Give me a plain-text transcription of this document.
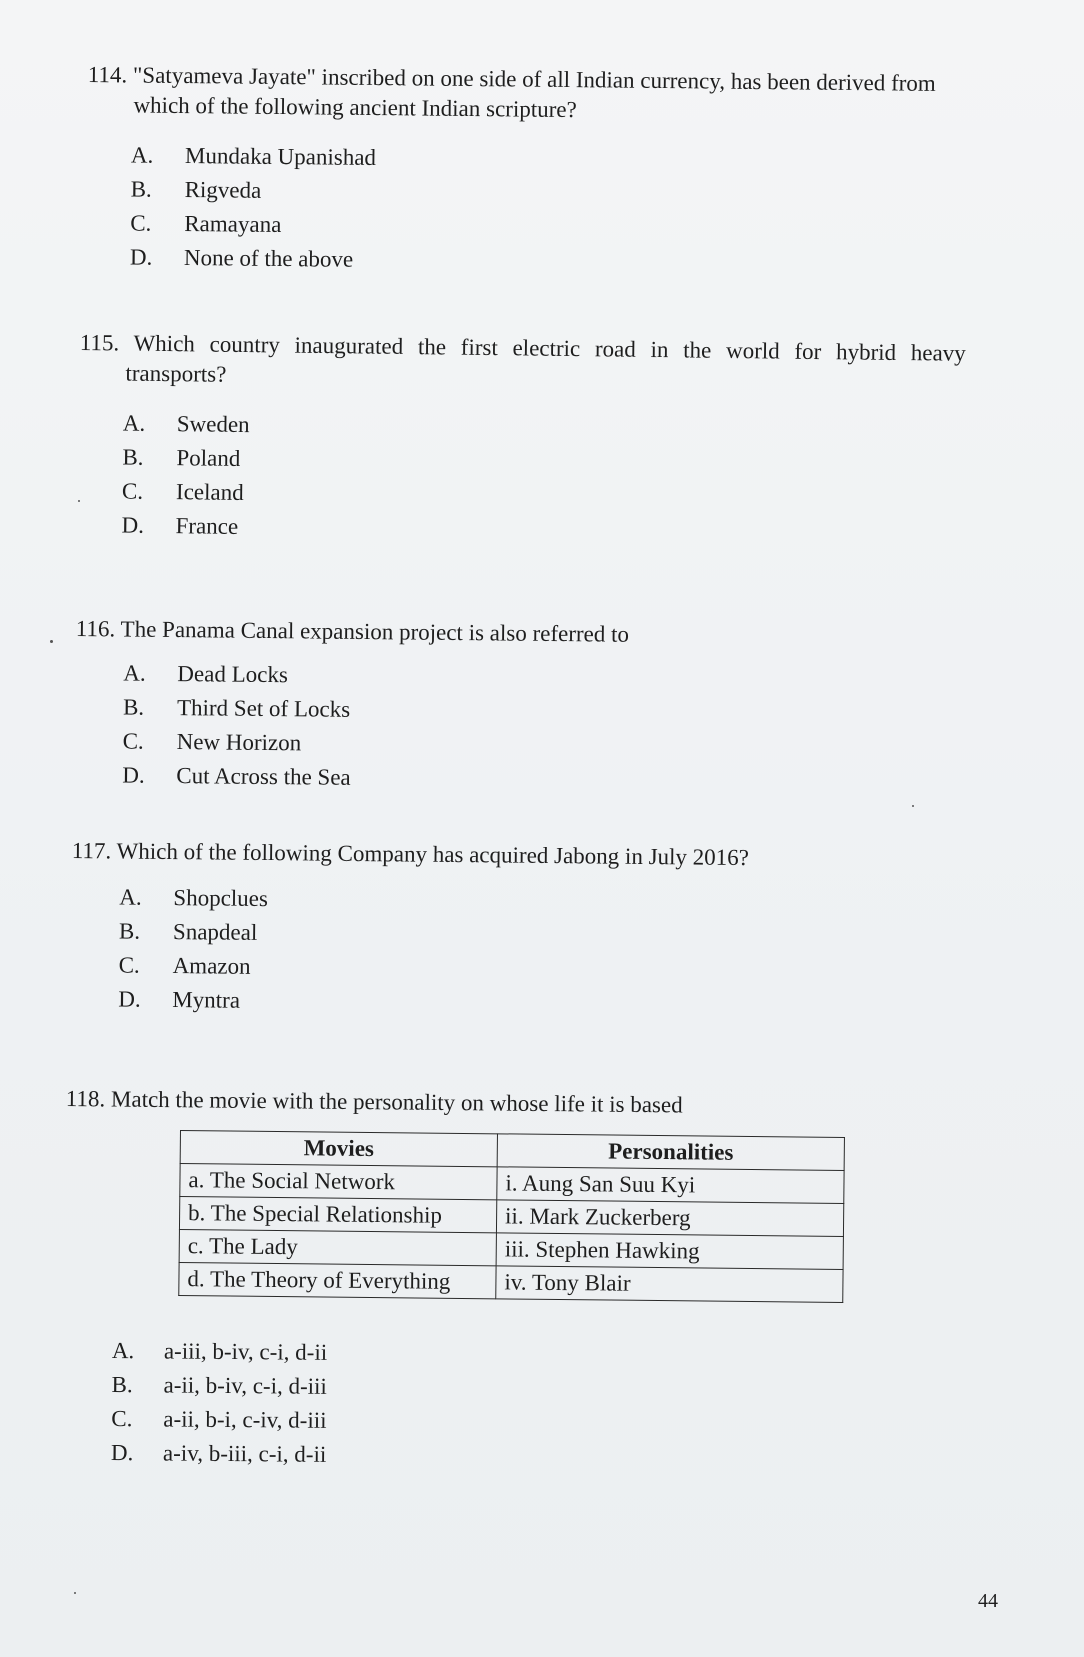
114. "Satyameva Jayate" inscribed on one side of all Indian currency, has been derived from
which of the following ancient Indian scripture?
A.	Mundaka Upanishad
B.	Rigveda
C.	Ramayana
D.	None of the above
115. Which country inaugurated the first electric road in the world for hybrid heavy
transports?
A.	Sweden
B.	Poland
C.	Iceland
D.	France
116. The Panama Canal expansion project is also referred to
A.	Dead Locks
B.	Third Set of Locks
C.	New Horizon
D.	Cut Across the Sea
117. Which of the following Company has acquired Jabong in July 2016?
A.	Shopclues
B.	Snapdeal
C.	Amazon
D.	Myntra
118. Match the movie with the personality on whose life it is based
Movies	Personalities
a. The Social Network	i. Aung San Suu Kyi
b. The Special Relationship	ii. Mark Zuckerberg
c. The Lady	iii. Stephen Hawking
d. The Theory of Everything	iv. Tony Blair
A.	a-iii, b-iv, c-i, d-ii
B.	a-ii, b-iv, c-i, d-iii
C.	a-ii, b-i, c-iv, d-iii
D.	a-iv, b-iii, c-i, d-ii
44
